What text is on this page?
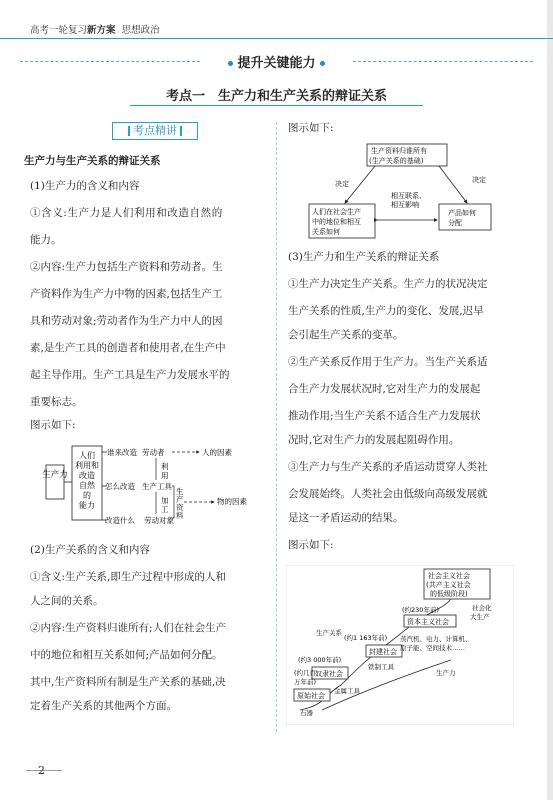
高考一轮复习新方案 思想政治
提升关键能力
考点一　生产力和生产关系的辩证关系
考点精讲
生产力与生产关系的辩证关系
(1)生产力的含义和内容
①含义:生产力是人们利用和改造自然的
能力。
②内容:生产力包括生产资料和劳动者。生
产资料作为生产力中物的因素,包括生产工
具和劳动对象;劳动者作为生产力中人的因
素,是生产工具的创造者和使用者,在生产中
起主导作用。生产工具是生产力发展水平的
重要标志。
图示如下:
生产力
人们
利用和
改造
自然
的
能力
谁来改造
怎么改造
改造什么
劳动者
生产工具
劳动对象
人的因素
物的因素
利
用
加
工
生
产
资
料
(2)生产关系的含义和内容
①含义:生产关系,即生产过程中形成的人和
人之间的关系。
②内容:生产资料归谁所有;人们在社会生产
中的地位和相互关系如何;产品如何分配。
其中,生产资料所有制是生产关系的基础,决
定着生产关系的其他两个方面。
图示如下:
生产资料归谁所有
(生产关系的基础)
人们在社会生产
中的地位和相互
关系如何
产品如何
分配
相互联系、
相互影响
决定	决定
(3)生产力和生产关系的辩证关系
①生产力决定生产关系。生产力的状况决定
生产关系的性质,生产力的变化、发展,迟早
会引起生产关系的变革。
②生产关系反作用于生产力。当生产关系适
合生产力发展状况时,它对生产力的发展起
推动作用;当生产关系不适合生产力发展状
况时,它对生产力的发展起阻碍作用。
③生产力与生产关系的矛盾运动贯穿人类社
会发展始终。人类社会由低级向高级发展就
是这一矛盾运动的结果。
图示如下:
原始社会
奴隶社会
封建社会
资本主义社会
社会主义社会
(共产主义社会
的低级阶段)
(约几百
万年前)
(约3 000年前)
(约1 163年前)
(约230年前)
石器
金属工具
铁制工具
蒸汽机、电力、计算机、
原子能、空间技术……
社会化
大生产
生产关系
生产力
2
